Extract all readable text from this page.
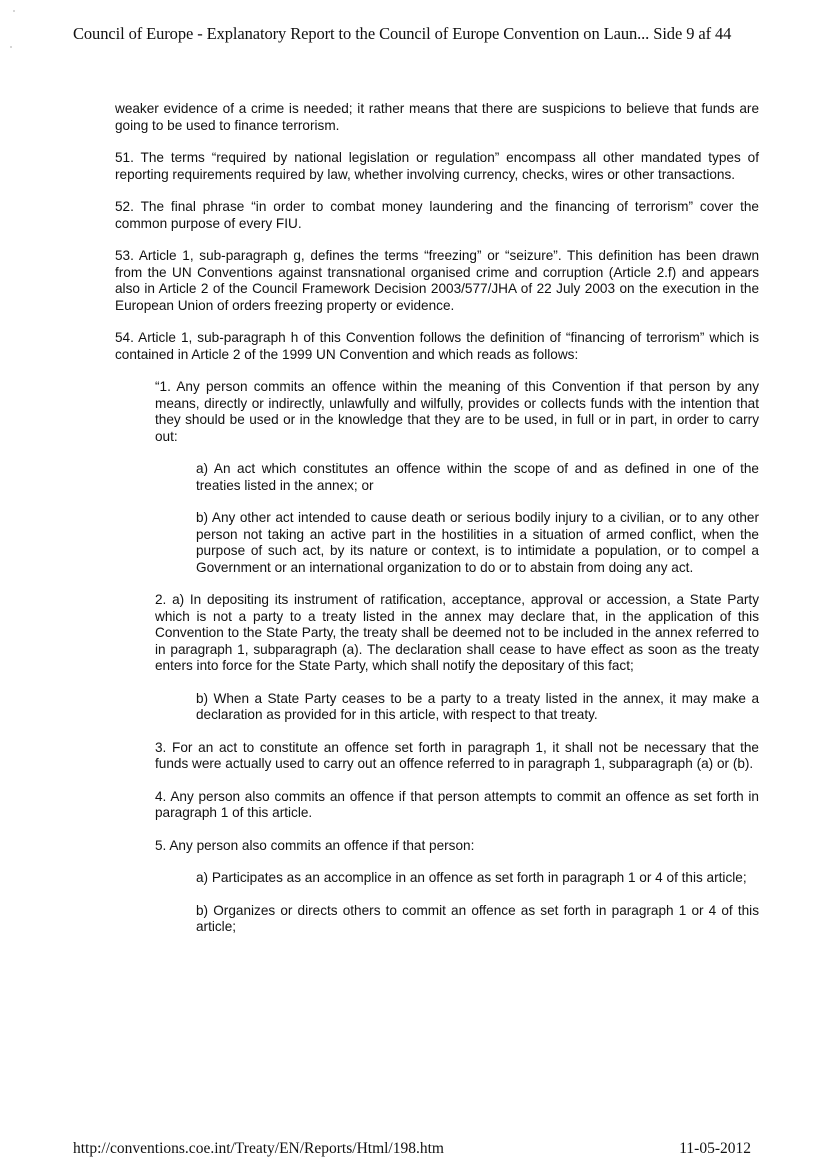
Council of Europe - Explanatory Report to the Council of Europe Convention on Laun... Side 9 af 44

weaker evidence of a crime is needed; it rather means that there are suspicions to believe that funds are going to be used to finance terrorism.

51. The terms “required by national legislation or regulation” encompass all other mandated types of reporting requirements required by law, whether involving currency, checks, wires or other transactions.

52. The final phrase “in order to combat money laundering and the financing of terrorism” cover the common purpose of every FIU.

53. Article 1, sub-paragraph g, defines the terms “freezing” or “seizure”. This definition has been drawn from the UN Conventions against transnational organised crime and corruption (Article 2.f) and appears also in Article 2 of the Council Framework Decision 2003/577/JHA of 22 July 2003 on the execution in the European Union of orders freezing property or evidence.

54. Article 1, sub-paragraph h of this Convention follows the definition of “financing of terrorism” which is contained in Article 2 of the 1999 UN Convention and which reads as follows:

“1. Any person commits an offence within the meaning of this Convention if that person by any means, directly or indirectly, unlawfully and wilfully, provides or collects funds with the intention that they should be used or in the knowledge that they are to be used, in full or in part, in order to carry out:

a) An act which constitutes an offence within the scope of and as defined in one of the treaties listed in the annex; or

b) Any other act intended to cause death or serious bodily injury to a civilian, or to any other person not taking an active part in the hostilities in a situation of armed conflict, when the purpose of such act, by its nature or context, is to intimidate a population, or to compel a Government or an international organization to do or to abstain from doing any act.

2. a) In depositing its instrument of ratification, acceptance, approval or accession, a State Party which is not a party to a treaty listed in the annex may declare that, in the application of this Convention to the State Party, the treaty shall be deemed not to be included in the annex referred to in paragraph 1, subparagraph (a). The declaration shall cease to have effect as soon as the treaty enters into force for the State Party, which shall notify the depositary of this fact;

b) When a State Party ceases to be a party to a treaty listed in the annex, it may make a declaration as provided for in this article, with respect to that treaty.

3. For an act to constitute an offence set forth in paragraph 1, it shall not be necessary that the funds were actually used to carry out an offence referred to in paragraph 1, subparagraph (a) or (b).

4. Any person also commits an offence if that person attempts to commit an offence as set forth in paragraph 1 of this article.

5. Any person also commits an offence if that person:

a) Participates as an accomplice in an offence as set forth in paragraph 1 or 4 of this article;

b) Organizes or directs others to commit an offence as set forth in paragraph 1 or 4 of this article;

http://conventions.coe.int/Treaty/EN/Reports/Html/198.htm	11-05-2012
